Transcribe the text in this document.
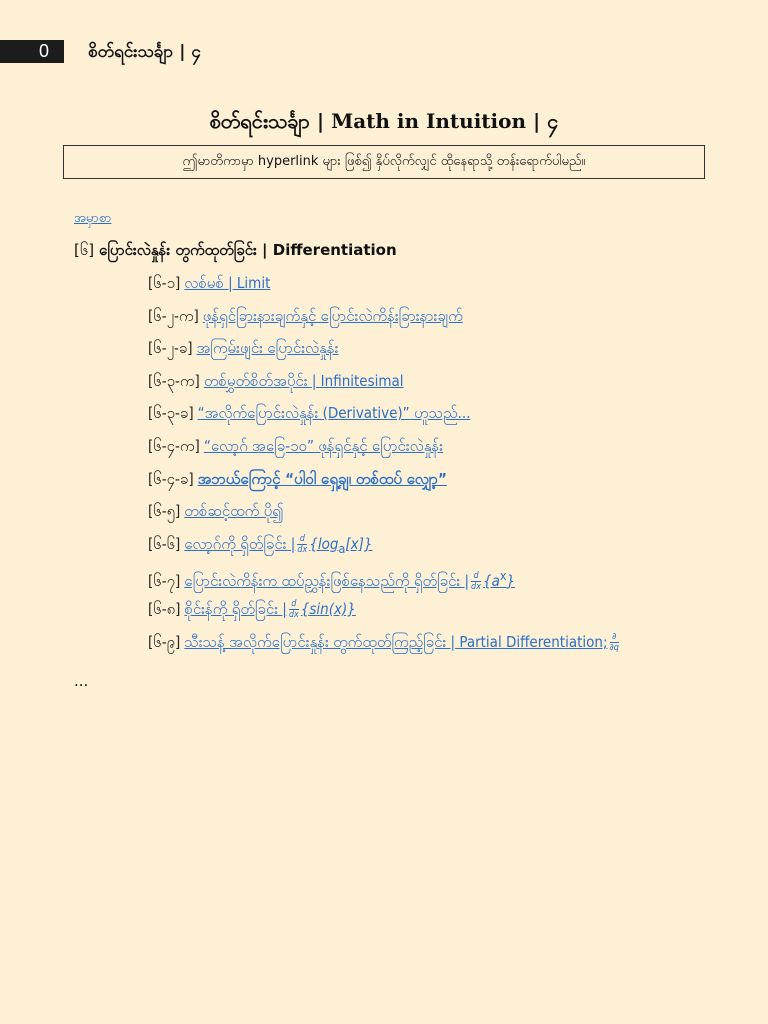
0	စိတ်ရင်းသင်္ချာ | ၄
စိတ်ရင်းသင်္ချာ | Math in Intuition | ၄
ဤမာတိကာမှာ hyperlink များ ဖြစ်၍ နှိပ်လိုက်လျှင် ထိုနေရာသို့ တန်းရောက်ပါမည်။
အမှာစာ
[၆] ပြောင်းလဲနှုန်း တွက်ထုတ်ခြင်း | Differentiation
[၆-၁] လစ်မစ် | Limit
[၆-၂-က] ဖုန်ရှင်ခြားနားချက်နှင့် ပြောင်းလဲကိန်းခြားနားချက်
[၆-၂-ခ] အကြမ်းဖျင်း ပြောင်းလဲနှုန်း
[၆-၃-က] တစ်မွှတ်စိတ်အပိုင်း | Infinitesimal
[၆-၃-ခ] “အလိုက်ပြောင်းလဲနှုန်း (Derivative)” ဟူသည်...
[၆-၄-က] “လော့ဂ် အခြေ-၁၀” ဖုန်ရှင်နှင့် ပြောင်းလဲနှုန်း
[၆-၄-ခ] အဘယ်ကြောင့် “ပါဝါ ရှေ့ချ၊ တစ်ထပ် လျှော့”
[၆-၅] တစ်ဆင့်ထက် ပို၍
[၆-၆] လော့ဂ်ကို ရှိတ်ခြင်း | $\frac{d}{dx} \{\log_a[x]\}$
[၆-၇] ပြောင်းလဲကိန်းက ထပ်ညွှန်းဖြစ်နေသည်ကို ရှိတ်ခြင်း | $\frac{d}{dx} \{a^x\}$
[၆-၈] စိုင်းန်ကို ရှိတ်ခြင်း | $\frac{d}{dx} \{\sin(x)\}$
[၆-၉] သီးသန့် အလိုက်ပြောင်းနှုန်း တွက်ထုတ်ကြည့်ခြင်း | Partial Differentiation; $\frac{\partial}{\partial q}$
...
